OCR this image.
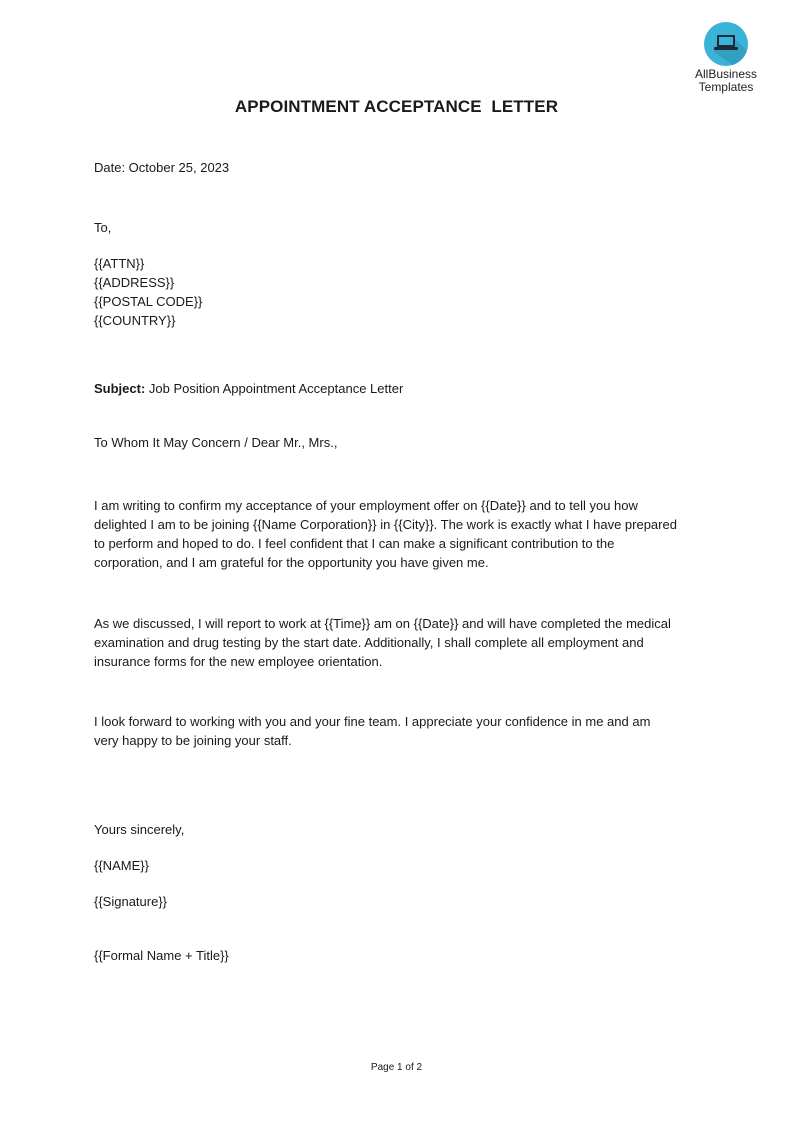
AllBusiness
Templates
APPOINTMENT ACCEPTANCE  LETTER
Date: October 25, 2023
To,
{{ATTN}}
{{ADDRESS}}
{{POSTAL CODE}}
{{COUNTRY}}
Subject: Job Position Appointment Acceptance Letter
To Whom It May Concern / Dear Mr., Mrs.,
I am writing to confirm my acceptance of your employment offer on {{Date}} and to tell you how
delighted I am to be joining {{Name Corporation}} in {{City}}. The work is exactly what I have prepared
to perform and hoped to do. I feel confident that I can make a significant contribution to the
corporation, and I am grateful for the opportunity you have given me.
As we discussed, I will report to work at {{Time}} am on {{Date}} and will have completed the medical
examination and drug testing by the start date. Additionally, I shall complete all employment and
insurance forms for the new employee orientation.
I look forward to working with you and your fine team. I appreciate your confidence in me and am
very happy to be joining your staff.
Yours sincerely,
{{NAME}}
{{Signature}}
{{Formal Name + Title}}
Page 1 of 2
